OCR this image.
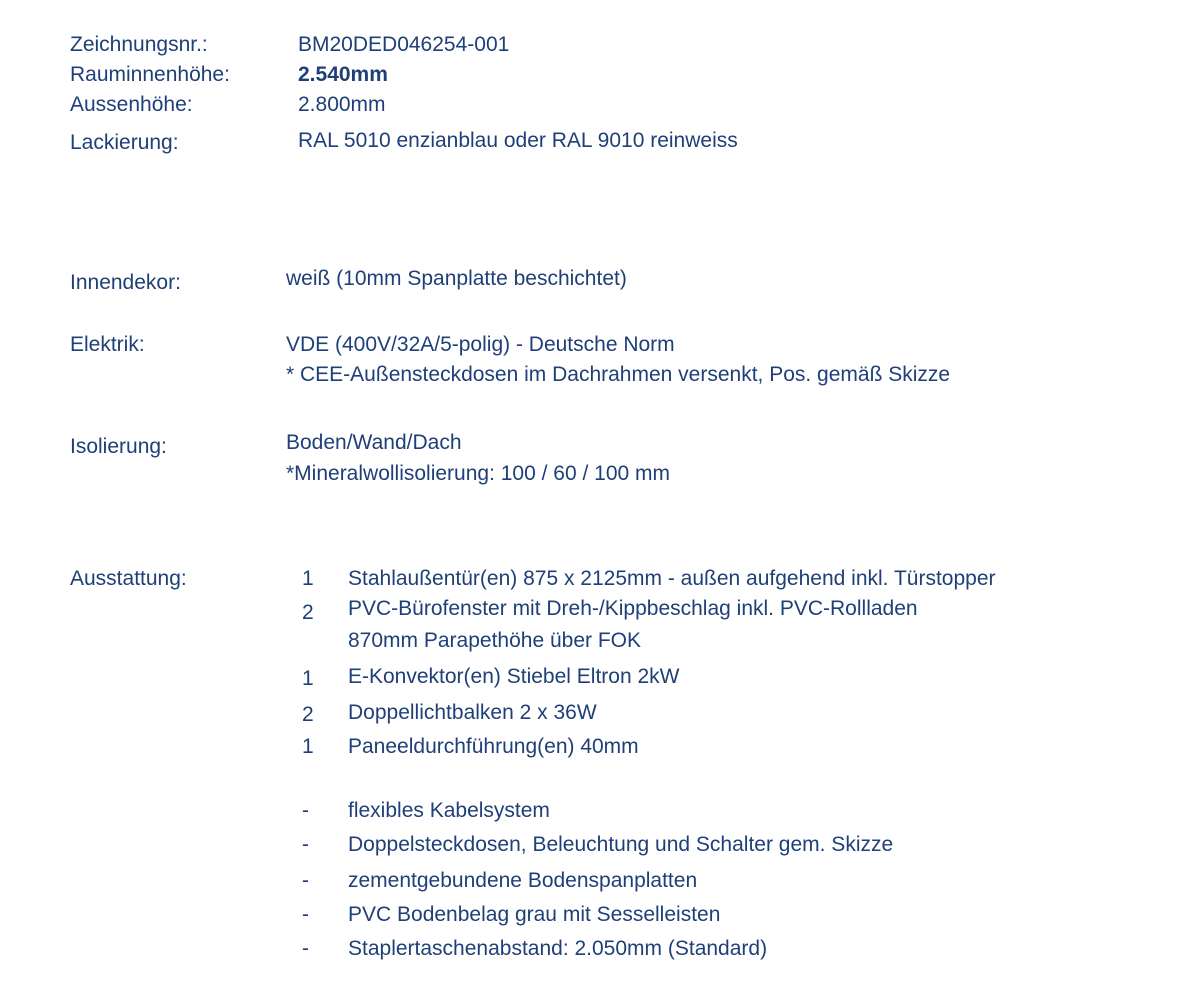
Zeichnungsnr.:	BM20DED046254-001
Rauminnenhöhe:	2.540mm
Aussenhöhe:	2.800mm
Lackierung:	RAL 5010 enzianblau oder RAL 9010 reinweiss
Innendekor:	weiß (10mm Spanplatte beschichtet)
Elektrik:	VDE (400V/32A/5-polig) - Deutsche Norm
* CEE-Außensteckdosen im Dachrahmen versenkt, Pos. gemäß Skizze
Isolierung:	Boden/Wand/Dach
*Mineralwollisolierung: 100 / 60 / 100 mm
Ausstattung:	1 Stahlaußentür(en) 875 x 2125mm - außen aufgehend inkl. Türstopper
2 PVC-Bürofenster mit Dreh-/Kippbeschlag inkl. PVC-Rollladen
870mm Parapethöhe über FOK
1 E-Konvektor(en) Stiebel Eltron 2kW
2 Doppellichtbalken 2 x 36W
1 Paneeldurchführung(en) 40mm
- flexibles Kabelsystem
- Doppelsteckdosen, Beleuchtung und Schalter gem. Skizze
- zementgebundene Bodenspanplatten
- PVC Bodenbelag grau mit Sesselleisten
- Staplertaschenabstand: 2.050mm (Standard)
